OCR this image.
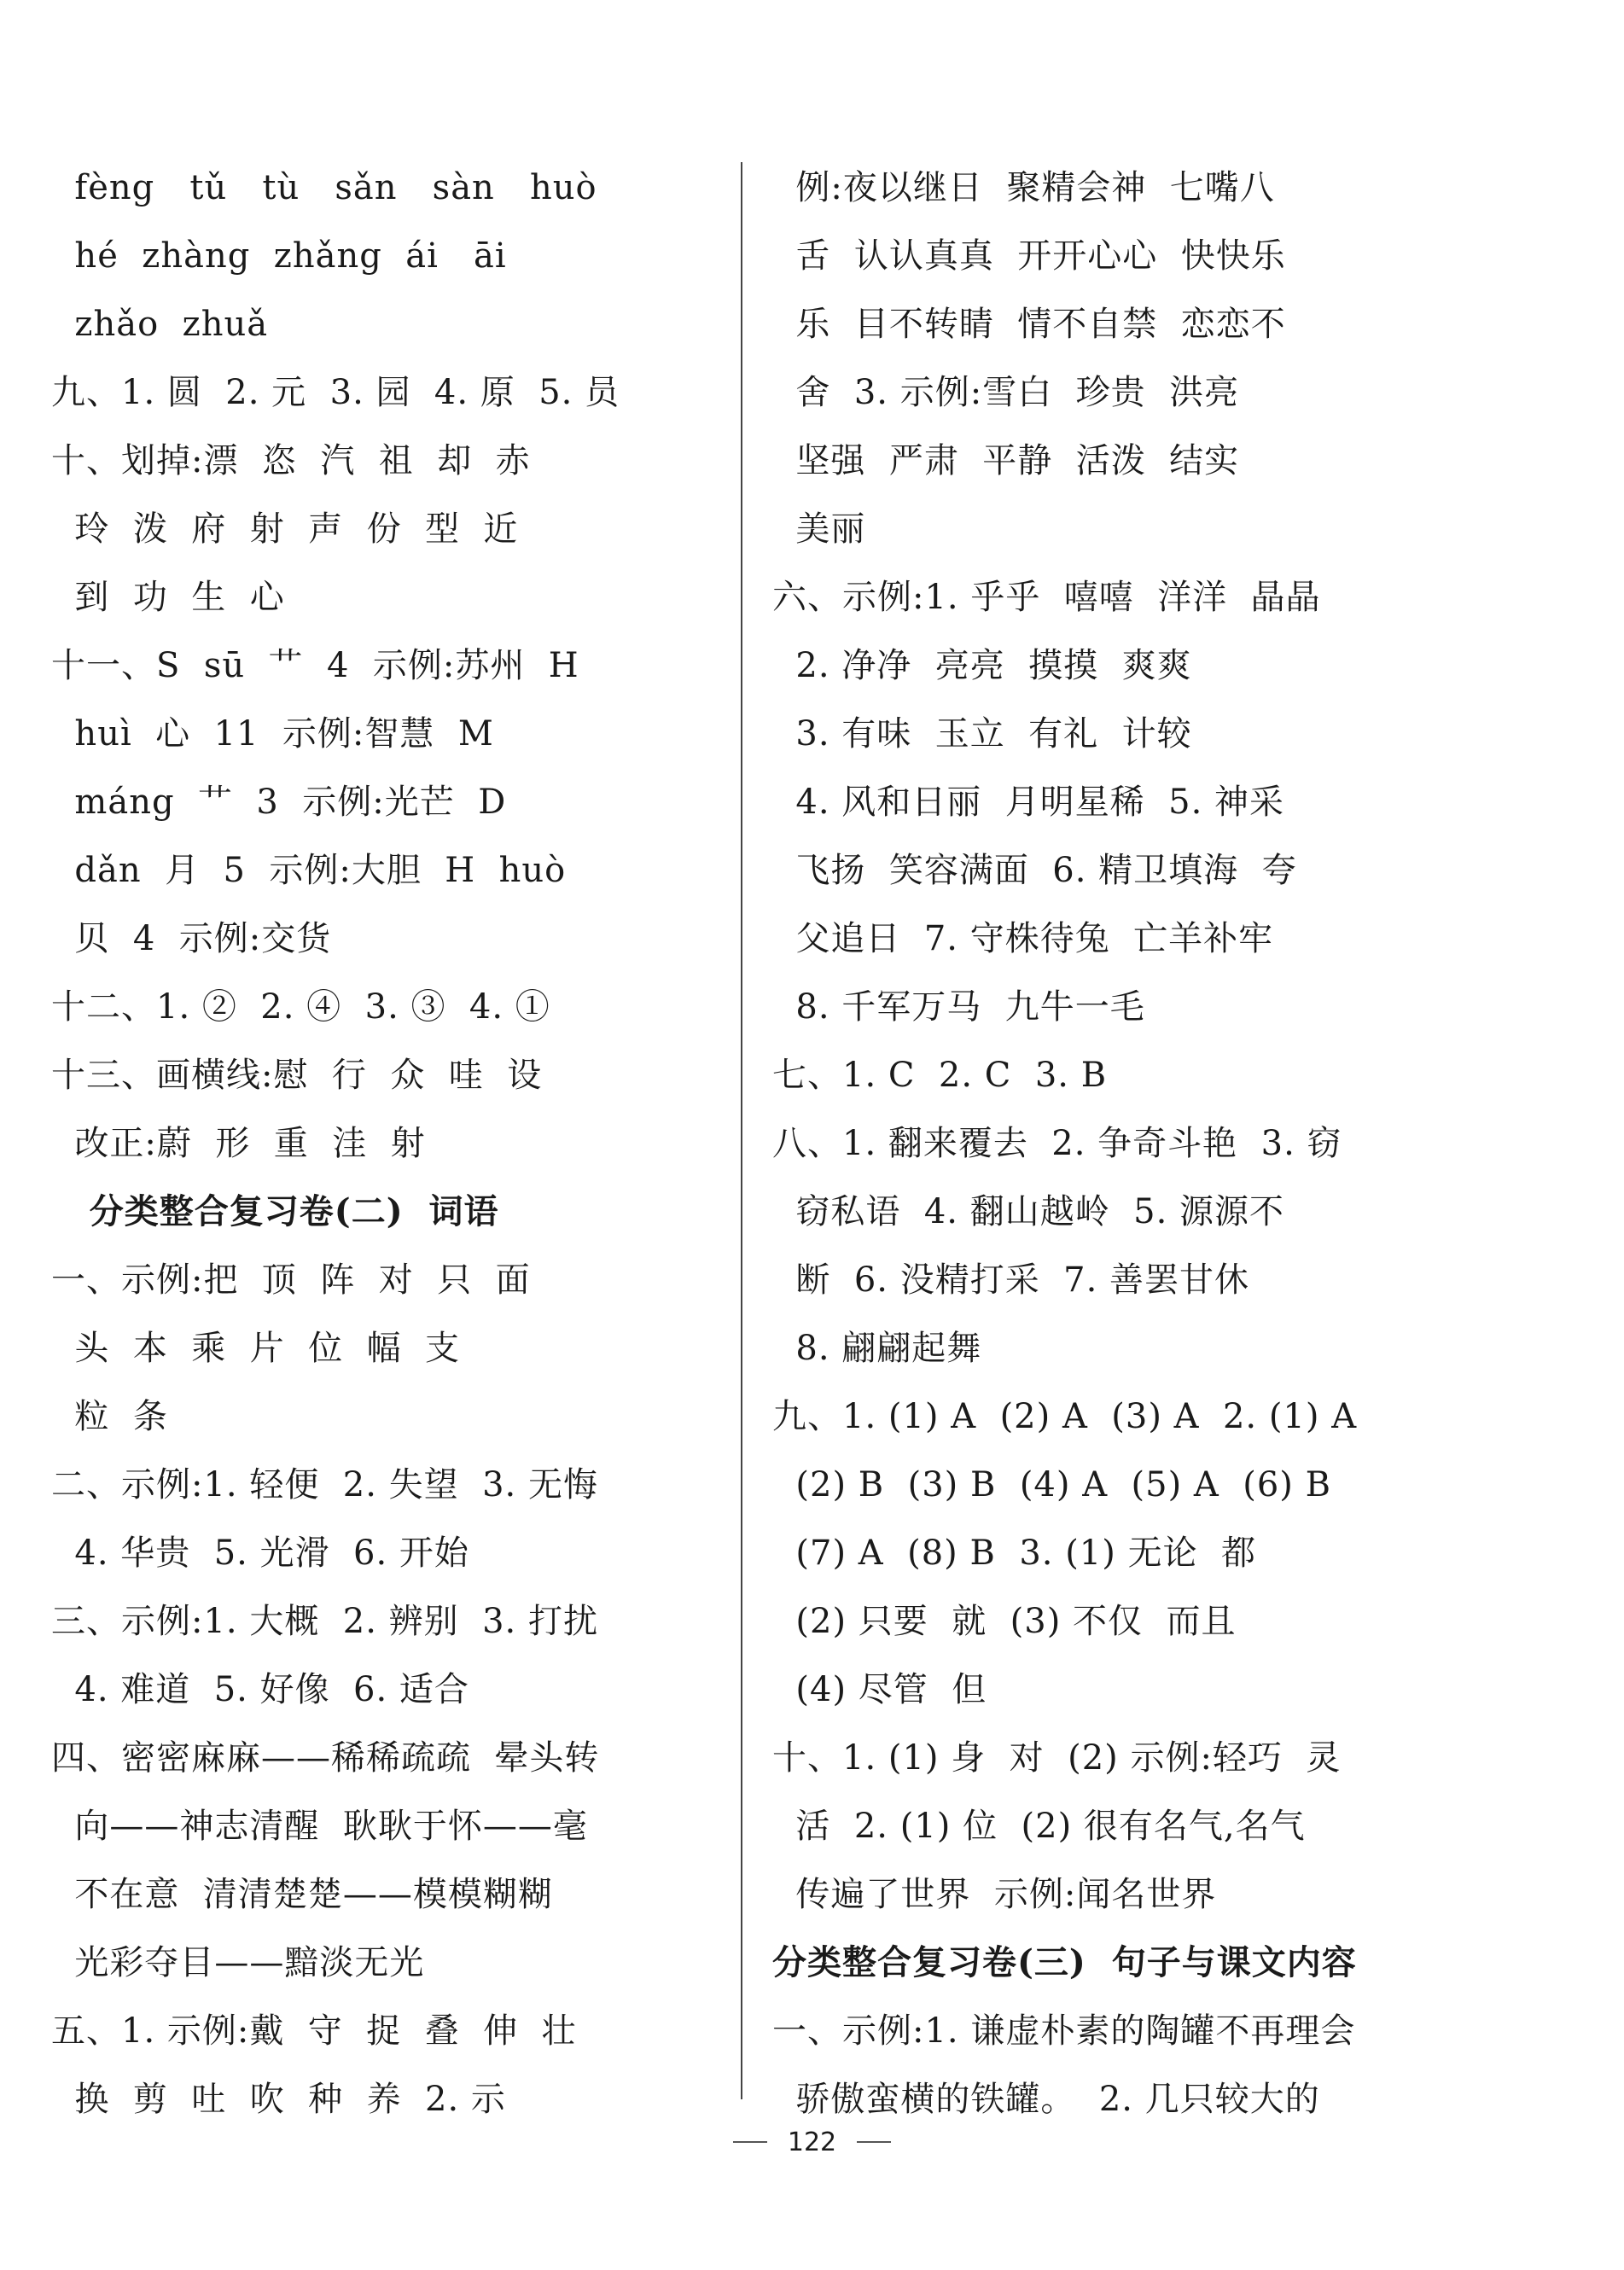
fèng   tǔ   tù   sǎn   sàn   huò
hé  zhàng  zhǎng  ái   āi
zhǎo  zhuǎ
九、1. 圆  2. 元  3. 园  4. 原  5. 员
十、划掉:漂  恣  汽  祖  却  赤
玲  泼  府  射  声  份  型  近
到  功  生  心
十一、S  sū  艹  4  示例:苏州  H
huì  心  11  示例:智慧  M
máng  艹  3  示例:光芒  D
dǎn  月  5  示例:大胆  H  huò
贝  4  示例:交货
十二、1. ②  2. ④  3. ③  4. ①
十三、画横线:慰  行  众  哇  设
改正:蔚  形  重  洼  射
分类整合复习卷(二)  词语
一、示例:把  顶  阵  对  只  面
头  本  乘  片  位  幅  支
粒  条
二、示例:1. 轻便  2. 失望  3. 无悔
4. 华贵  5. 光滑  6. 开始
三、示例:1. 大概  2. 辨别  3. 打扰
4. 难道  5. 好像  6. 适合
四、密密麻麻——稀稀疏疏  晕头转
向——神志清醒  耿耿于怀——毫
不在意  清清楚楚——模模糊糊
光彩夺目——黯淡无光
五、1. 示例:戴  守  捉  叠  伸  壮
换  剪  吐  吹  种  养  2. 示
例:夜以继日  聚精会神  七嘴八
舌  认认真真  开开心心  快快乐
乐  目不转睛  情不自禁  恋恋不
舍  3. 示例:雪白  珍贵  洪亮
坚强  严肃  平静  活泼  结实
美丽
六、示例:1. 乎乎  嘻嘻  洋洋  晶晶
2. 净净  亮亮  摸摸  爽爽
3. 有味  玉立  有礼  计较
4. 风和日丽  月明星稀  5. 神采
飞扬  笑容满面  6. 精卫填海  夸
父追日  7. 守株待兔  亡羊补牢
8. 千军万马  九牛一毛
七、1. C  2. C  3. B
八、1. 翻来覆去  2. 争奇斗艳  3. 窃
窃私语  4. 翻山越岭  5. 源源不
断  6. 没精打采  7. 善罢甘休
8. 翩翩起舞
九、1. (1) A  (2) A  (3) A  2. (1) A
(2) B  (3) B  (4) A  (5) A  (6) B
(7) A  (8) B  3. (1) 无论  都
(2) 只要  就  (3) 不仅  而且
(4) 尽管  但
十、1. (1) 身  对  (2) 示例:轻巧  灵
活  2. (1) 位  (2) 很有名气,名气
传遍了世界  示例:闻名世界
分类整合复习卷(三)  句子与课文内容
一、示例:1. 谦虚朴素的陶罐不再理会
骄傲蛮横的铁罐。  2. 几只较大的
122
